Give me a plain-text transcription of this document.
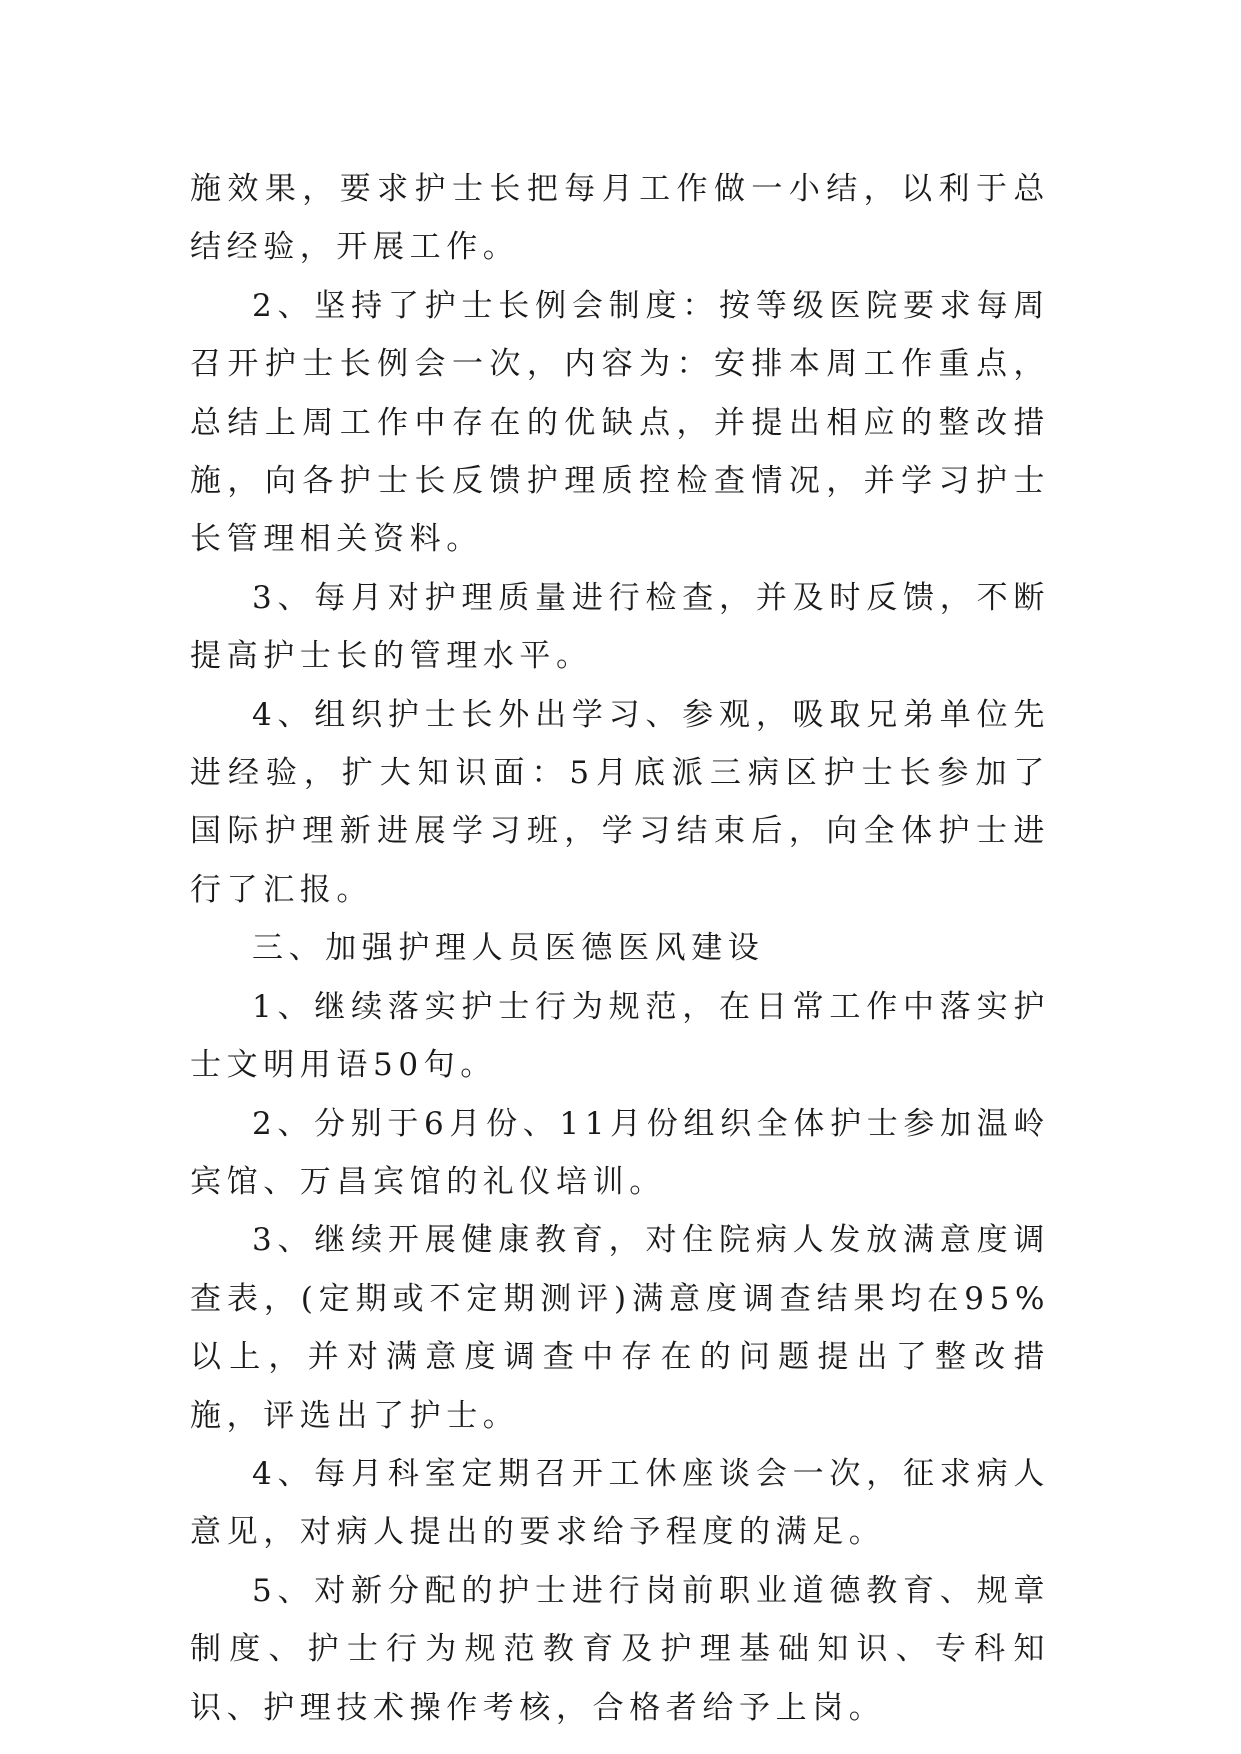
施效果，要求护士长把每月工作做一小结，以利于总结经验，开展工作。

2、坚持了护士长例会制度：按等级医院要求每周召开护士长例会一次，内容为：安排本周工作重点，总结上周工作中存在的优缺点，并提出相应的整改措施，向各护士长反馈护理质控检查情况，并学习护士长管理相关资料。

3、每月对护理质量进行检查，并及时反馈，不断提高护士长的管理水平。

4、组织护士长外出学习、参观，吸取兄弟单位先进经验，扩大知识面：5月底派三病区护士长参加了国际护理新进展学习班，学习结束后，向全体护士进行了汇报。

三、加强护理人员医德医风建设

1、继续落实护士行为规范，在日常工作中落实护士文明用语50句。

2、分别于6月份、11月份组织全体护士参加温岭宾馆、万昌宾馆的礼仪培训。

3、继续开展健康教育，对住院病人发放满意度调查表，(定期或不定期测评)满意度调查结果均在95%以上，并对满意度调查中存在的问题提出了整改措施，评选出了护士。

4、每月科室定期召开工休座谈会一次，征求病人意见，对病人提出的要求给予程度的满足。

5、对新分配的护士进行岗前职业道德教育、规章制度、护士行为规范教育及护理基础知识、专科知识、护理技术操作考核，合格者给予上岗。
